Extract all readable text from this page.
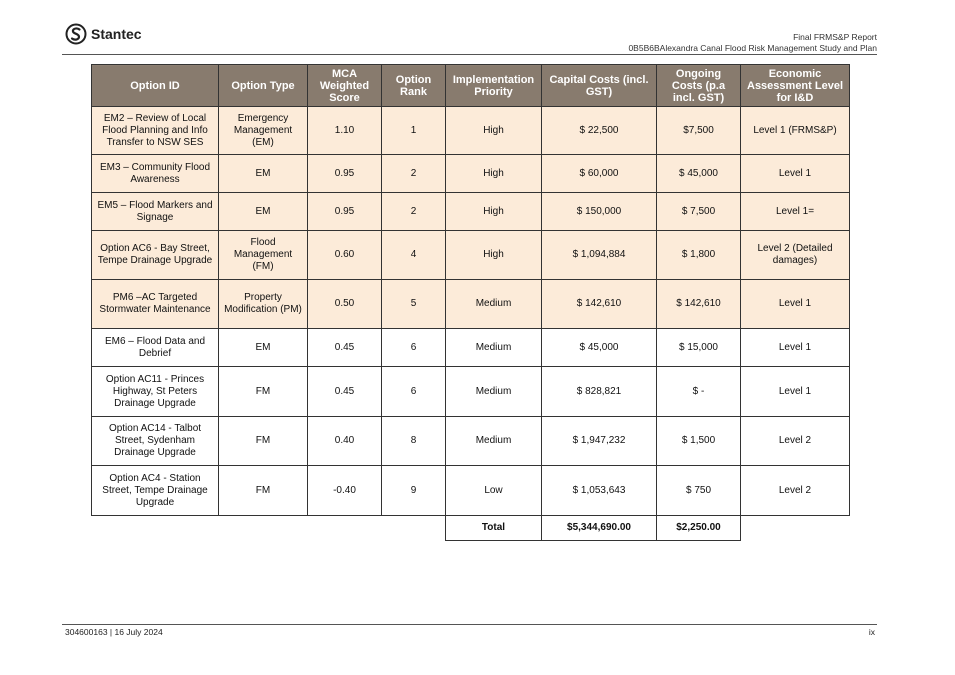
Stantec	Final FRMS&P Report
0B5B6BAlexandra Canal Flood Risk Management Study and Plan
Option ID	Option Type	MCA Weighted Score	Option Rank	Implementation Priority	Capital Costs (incl. GST)	Ongoing Costs (p.a incl. GST)	Economic Assessment Level for I&D
EM2 – Review of Local Flood Planning and Info Transfer to NSW SES	Emergency Management (EM)	1.10	1	High	$ 22,500	$7,500	Level 1 (FRMS&P)
EM3 – Community Flood Awareness	EM	0.95	2	High	$ 60,000	$ 45,000	Level 1
EM5 – Flood Markers and Signage	EM	0.95	2	High	$ 150,000	$ 7,500	Level 1=
Option AC6 - Bay Street, Tempe Drainage Upgrade	Flood Management (FM)	0.60	4	High	$ 1,094,884	$ 1,800	Level 2 (Detailed damages)
PM6 –AC Targeted Stormwater Maintenance	Property Modification (PM)	0.50	5	Medium	$ 142,610	$ 142,610	Level 1
EM6 – Flood Data and Debrief	EM	0.45	6	Medium	$ 45,000	$ 15,000	Level 1
Option AC11 - Princes Highway, St Peters Drainage Upgrade	FM	0.45	6	Medium	$ 828,821	$ -	Level 1
Option AC14 - Talbot Street, Sydenham Drainage Upgrade	FM	0.40	8	Medium	$ 1,947,232	$ 1,500	Level 2
Option AC4 - Station Street, Tempe Drainage Upgrade	FM	-0.40	9	Low	$ 1,053,643	$ 750	Level 2
				Total	$5,344,690.00	$2,250.00	
304600163 | 16 July 2024	ix
